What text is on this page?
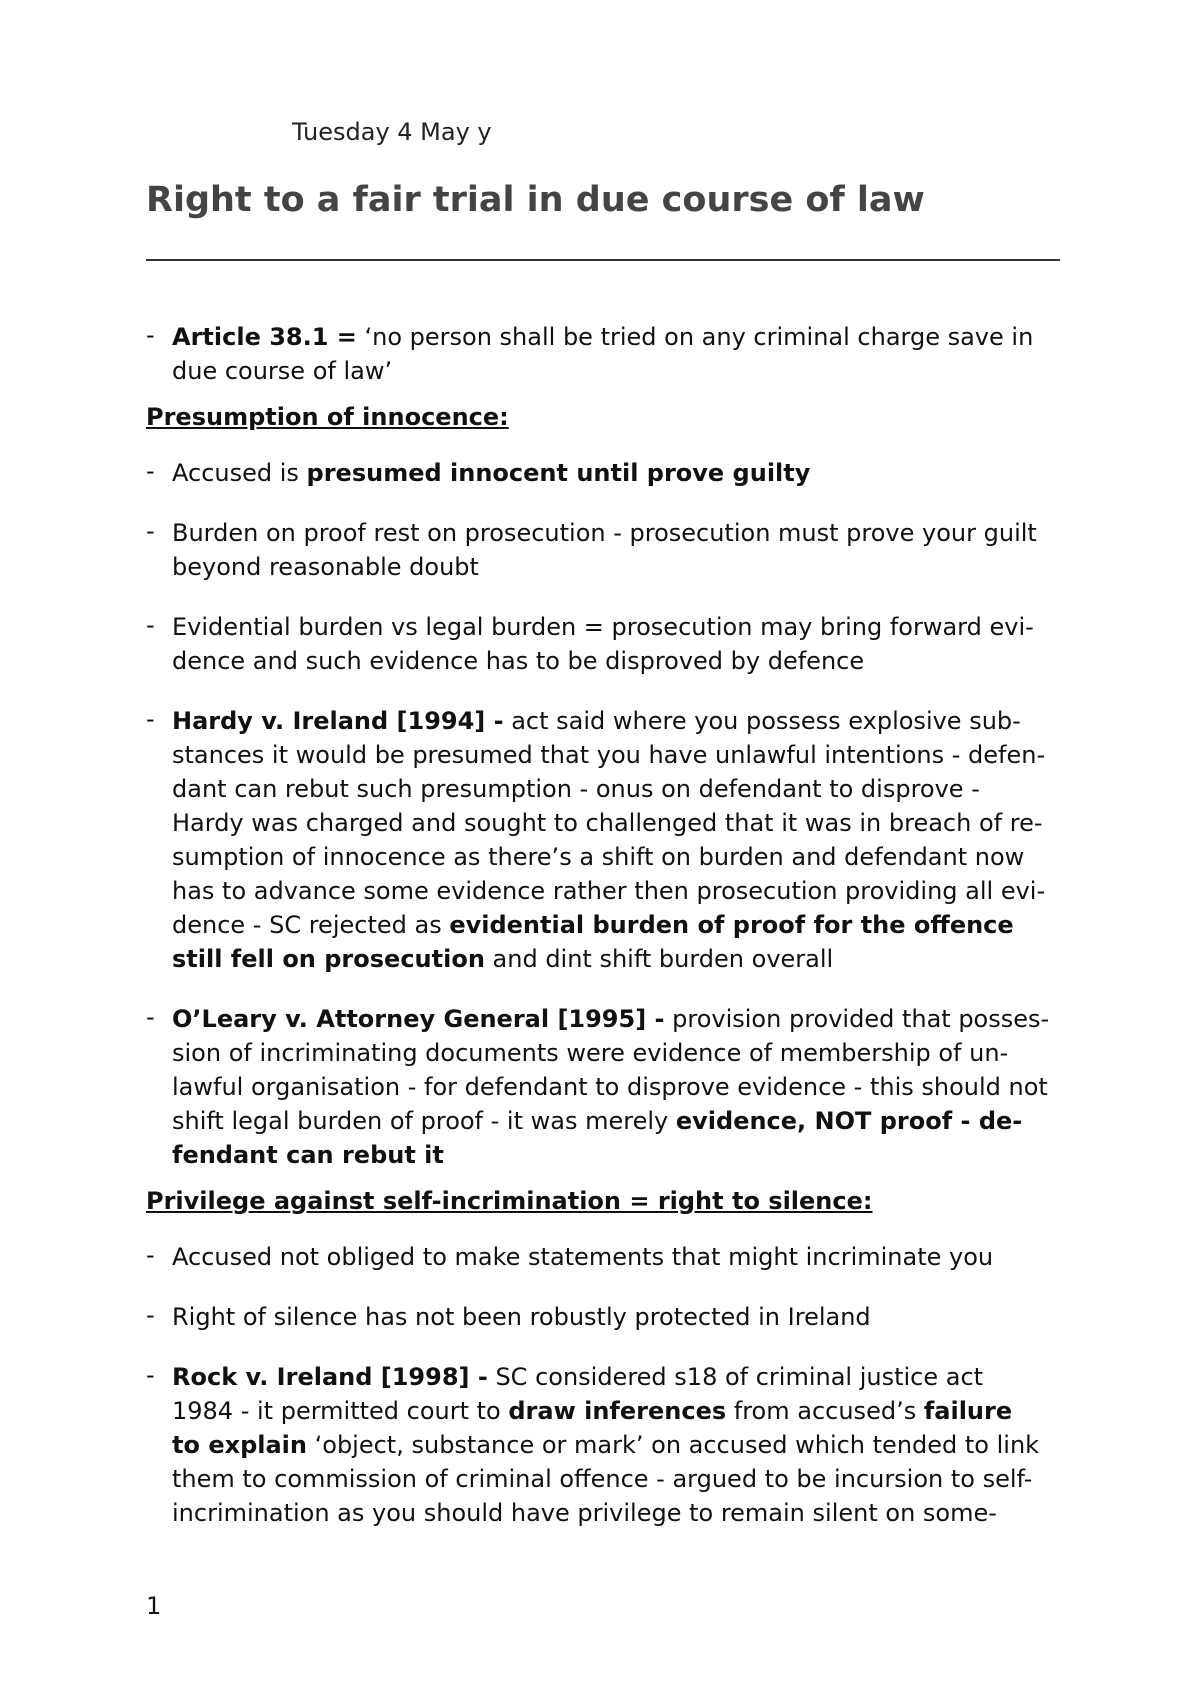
Tuesday 4 May y
Right to a fair trial in due course of law
- Article 38.1 = ‘no person shall be tried on any criminal charge save in
due course of law’
Presumption of innocence:
- Accused is presumed innocent until prove guilty
- Burden on proof rest on prosecution - prosecution must prove your guilt
beyond reasonable doubt
- Evidential burden vs legal burden = prosecution may bring forward evi-
dence and such evidence has to be disproved by defence
- Hardy v. Ireland [1994] - act said where you possess explosive sub-
stances it would be presumed that you have unlawful intentions - defen-
dant can rebut such presumption - onus on defendant to disprove -
Hardy was charged and sought to challenged that it was in breach of re-
sumption of innocence as there’s a shift on burden and defendant now
has to advance some evidence rather then prosecution providing all evi-
dence - SC rejected as evidential burden of proof for the offence
still fell on prosecution and dint shift burden overall
- O’Leary v. Attorney General [1995] - provision provided that posses-
sion of incriminating documents were evidence of membership of un-
lawful organisation - for defendant to disprove evidence - this should not
shift legal burden of proof - it was merely evidence, NOT proof - de-
fendant can rebut it
Privilege against self-incrimination = right to silence:
- Accused not obliged to make statements that might incriminate you
- Right of silence has not been robustly protected in Ireland
- Rock v. Ireland [1998] - SC considered s18 of criminal justice act
1984 - it permitted court to draw inferences from accused’s failure
to explain ‘object, substance or mark’ on accused which tended to link
them to commission of criminal offence - argued to be incursion to self-
incrimination as you should have privilege to remain silent on some-
1
